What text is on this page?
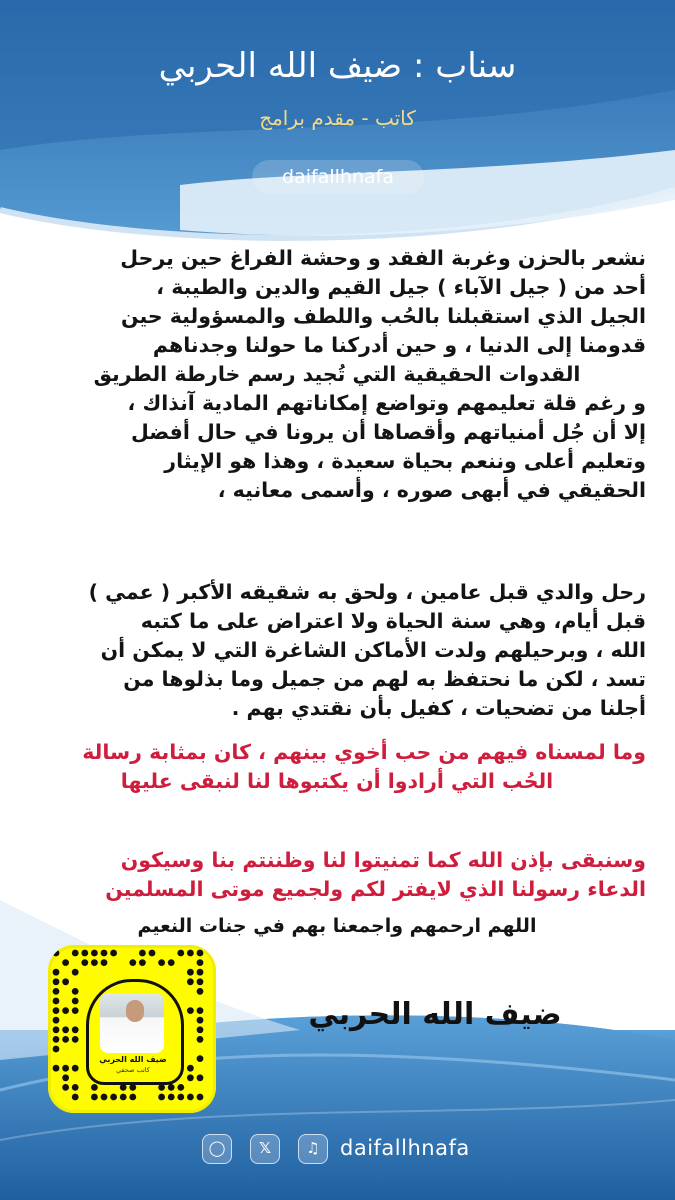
سناب : ضيف الله الحربي
كاتب - مقدم برامج
daifallhnafa
نشعر بالحزن وغربة الفقد و وحشة الفراغ حين يرحل
أحد من ( جيل الآباء ) جيل القيم والدين والطيبة ،
الجيل الذي استقبلنا بالحُب واللطف والمسؤولية حين
قدومنا إلى الدنيا ، و حين أدركنا ما حولنا وجدناهم
القدوات الحقيقية التي تُجيد رسم خارطة الطريق
و رغم قلة تعليمهم وتواضع إمكاناتهم المادية آنذاك ،
إلا أن جُل أمنياتهم وأقصاها أن يرونا في حال أفضل
وتعليم أعلى وننعم بحياة سعيدة ، وهذا هو الإيثار
الحقيقي في أبهى صوره ، وأسمى معانيه ،
رحل والدي قبل عامين ، ولحق به شقيقه الأكبر ( عمي )
قبل أيام، وهي سنة الحياة ولا اعتراض على ما كتبه
الله ، وبرحيلهم ولدت الأماكن الشاغرة التي لا يمكن أن
تسد ، لكن ما نحتفظ به لهم من جميل وما بذلوها من
أجلنا من تضحيات ، كفيل بأن نقتدي بهم .
وما لمسناه فيهم من حب أخوي بينهم ، كان بمثابة رسالة
الحُب التي أرادوا أن يكتبوها لنا لنبقى عليها
وسنبقى بإذن الله كما تمنيتوا لنا وظننتم بنا وسيكون
الدعاء رسولنا الذي لايفتر لكم ولجميع موتى المسلمين
اللهم ارحمهم واجمعنا بهم في جنات النعيم
ضيف الله الحربي
كاتب صحفي
ضيف الله الحربي
◯	𝕏	♫ daifallhnafa
